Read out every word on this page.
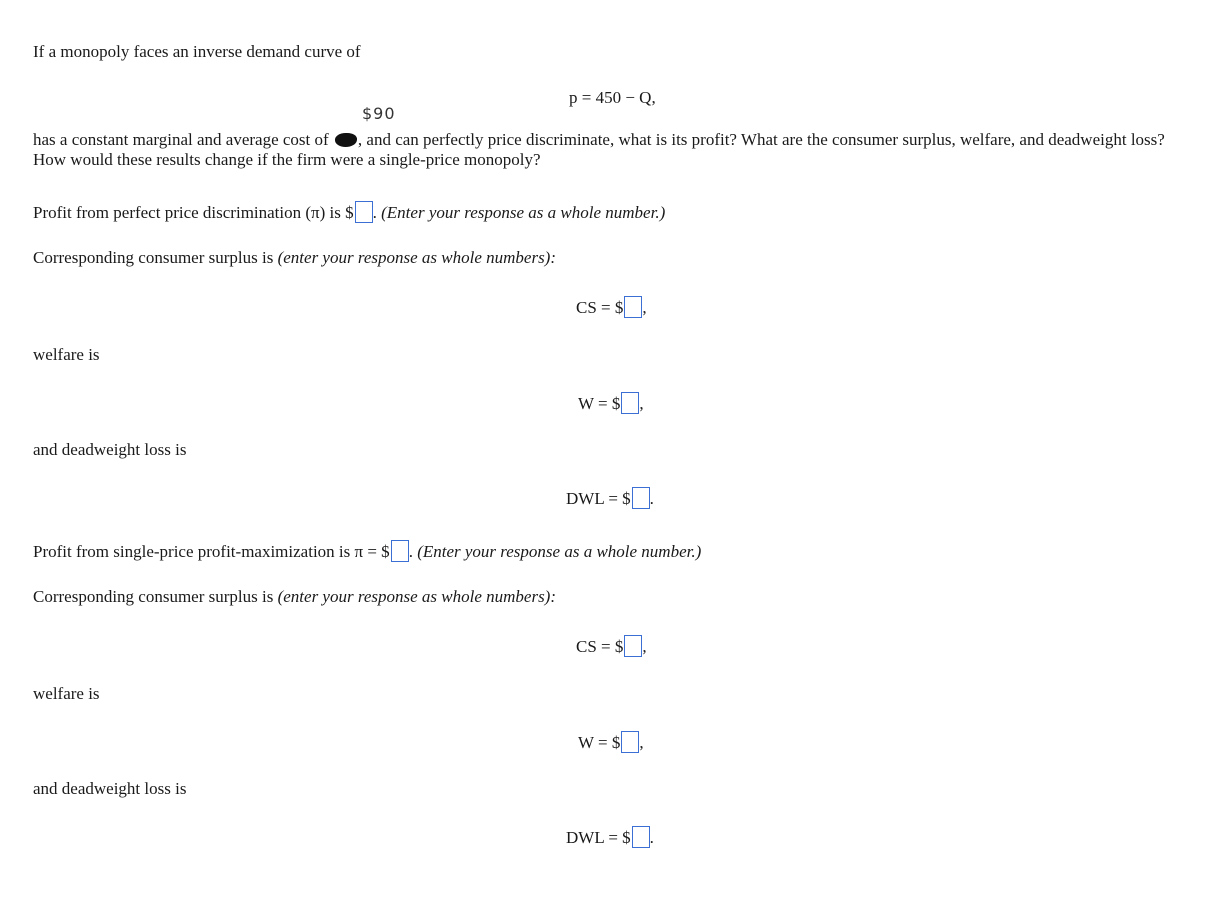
If a monopoly faces an inverse demand curve of
p = 450 − Q,
$90
has a constant marginal and average cost of , and can perfectly price discriminate, what is its profit? What are the consumer surplus, welfare, and deadweight loss? How would these results change if the firm were a single-price monopoly?
Profit from perfect price discrimination (π) is $ . (Enter your response as a whole number.)
Corresponding consumer surplus is (enter your response as whole numbers):
CS = $ ,
welfare is
W = $ ,
and deadweight loss is
DWL = $ .
Profit from single-price profit-maximization is π = $ . (Enter your response as a whole number.)
Corresponding consumer surplus is (enter your response as whole numbers):
CS = $ ,
welfare is
W = $ ,
and deadweight loss is
DWL = $ .
